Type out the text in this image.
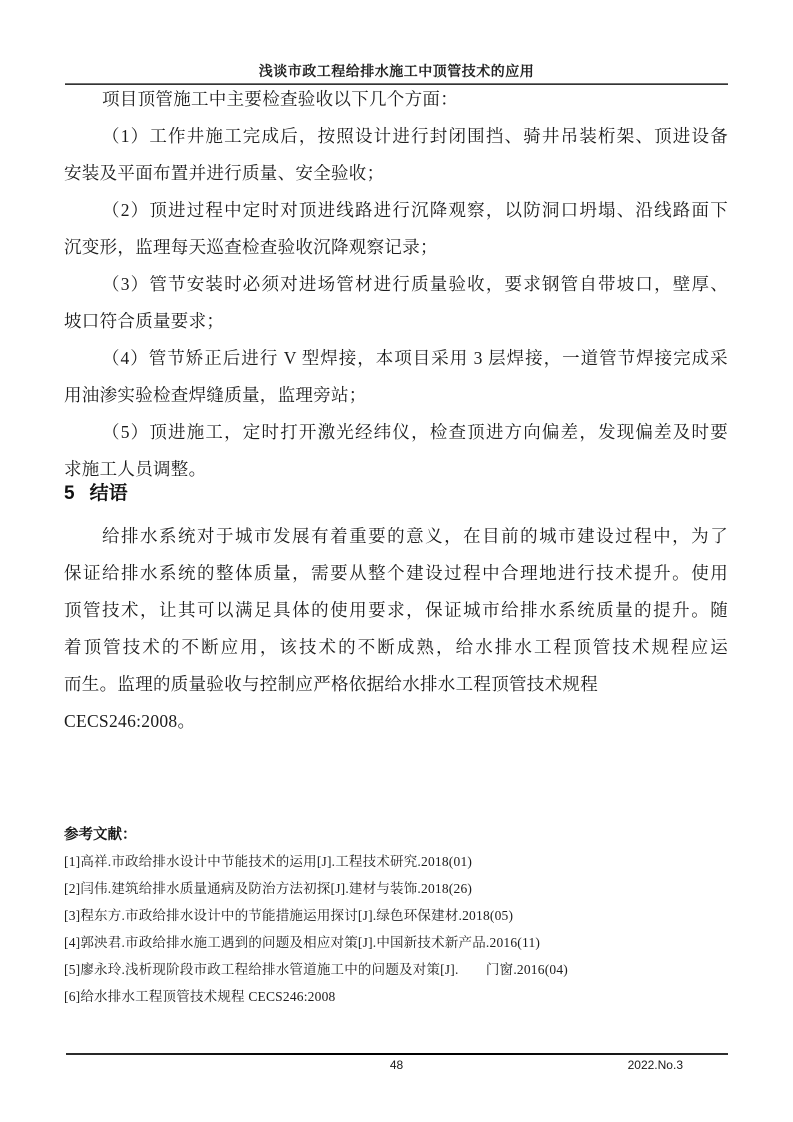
浅谈市政工程给排水施工中顶管技术的应用
项目顶管施工中主要检查验收以下几个方面：
（1）工作井施工完成后，按照设计进行封闭围挡、骑井吊装桁架、顶进设备
安装及平面布置并进行质量、安全验收；
（2）顶进过程中定时对顶进线路进行沉降观察，以防洞口坍塌、沿线路面下
沉变形，监理每天巡查检查验收沉降观察记录；
（3）管节安装时必须对进场管材进行质量验收，要求钢管自带坡口，壁厚、
坡口符合质量要求；
（4）管节矫正后进行 V 型焊接，本项目采用 3 层焊接，一道管节焊接完成采
用油渗实验检查焊缝质量，监理旁站；
（5）顶进施工，定时打开激光经纬仪，检查顶进方向偏差，发现偏差及时要
求施工人员调整。
5 结语
给排水系统对于城市发展有着重要的意义，在目前的城市建设过程中，为了
保证给排水系统的整体质量，需要从整个建设过程中合理地进行技术提升。使用
顶管技术，让其可以满足具体的使用要求，保证城市给排水系统质量的提升。随
着顶管技术的不断应用，该技术的不断成熟，给水排水工程顶管技术规程应运
而生。监理的质量验收与控制应严格依据给水排水工程顶管技术规程
CECS246:2008。
参考文献：
[1]高祥.市政给排水设计中节能技术的运用[J].工程技术研究.2018(01)
[2]闫伟.建筑给排水质量通病及防治方法初探[J].建材与装饰.2018(26)
[3]程东方.市政给排水设计中的节能措施运用探讨[J].绿色环保建材.2018(05)
[4]郭泱君.市政给排水施工遇到的问题及相应对策[J].中国新技术新产品.2016(11)
[5]廖永玲.浅析现阶段市政工程给排水管道施工中的问题及对策[J].　　门窗.2016(04)
[6]给水排水工程顶管技术规程 CECS246:2008
48	2022.No.3
